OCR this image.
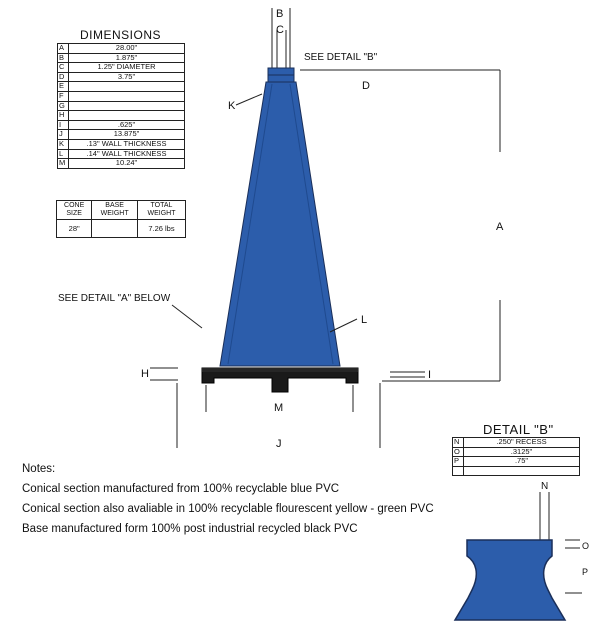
DIMENSIONS
A	28.00"
B	1.875"
C	1.25" DIAMETER
D	3.75"
E	
F	
G	
H	
I	.625"
J	13.875"
K	.13" WALL THICKNESS
L	.14" WALL THICKNESS
M	10.24"
CONE SIZE	BASE WEIGHT	TOTAL WEIGHT
28"		7.26 lbs
B
C
SEE DETAIL "B"
D
A
K
L
SEE DETAIL "A" BELOW
H	I
M
J
N
O
P
DETAIL "B"
N	.250" RECESS
O	.3125"
P	.75"

Notes:
Conical section manufactured from 100% recyclable blue PVC
Conical section also avaliable in 100% recyclable flourescent yellow - green PVC
Base manufactured form 100% post industrial recycled black PVC
